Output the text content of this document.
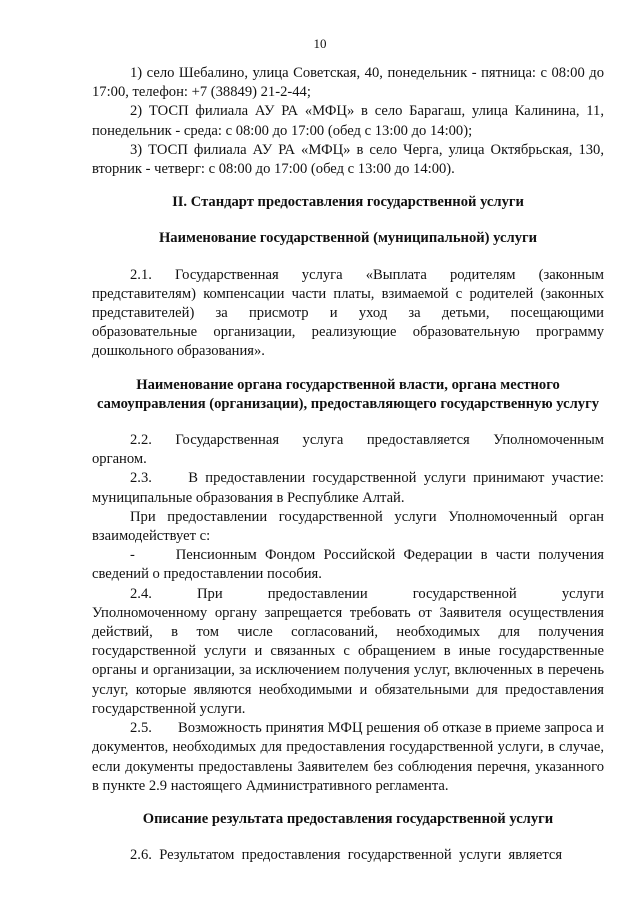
10

1) село Шебалино, улица Советская, 40, понедельник - пятница: с 08:00 до 17:00, телефон: +7 (38849) 21-2-44;

2) ТОСП филиала АУ РА «МФЦ» в село Барагаш, улица Калинина, 11, понедельник - среда: с 08:00 до 17:00 (обед с 13:00 до 14:00);

3) ТОСП филиала АУ РА «МФЦ» в село Черга, улица Октябрьская, 130, вторник - четверг: с 08:00 до 17:00 (обед с 13:00 до 14:00).

II. Стандарт предоставления государственной услуги

Наименование государственной (муниципальной) услуги

2.1.     Государственная     услуга     «Выплата     родителям     (законным представителям) компенсации части платы, взимаемой с родителей (законных представителей)    за    присмотр    и    уход    за    детьми,    посещающими образовательные организации, реализующие образовательную программу дошкольного образования».

Наименование органа государственной власти, органа местного самоуправления (организации), предоставляющего государственную услугу

2.2.     Государственная     услуга     предоставляется     Уполномоченным органом.

2.3.     В предоставлении государственной услуги принимают участие: муниципальные образования в Республике Алтай.

При предоставлении государственной услуги Уполномоченный орган взаимодействует с:

-     Пенсионным Фондом Российской Федерации в части получения сведений о предоставлении пособия.

2.4.       При       предоставлении       государственной       услуги Уполномоченному органу запрещается требовать от Заявителя осуществления действий, в том числе согласований, необходимых для получения государственной услуги и связанных с обращением в иные государственные органы и организации, за исключением получения услуг, включенных в перечень услуг, которые являются необходимыми и обязательными для предоставления государственной услуги.

2.5.       Возможность принятия МФЦ решения об отказе в приеме запроса и документов, необходимых для предоставления государственной услуги, в случае, если документы предоставлены Заявителем без соблюдения перечня, указанного в пункте 2.9 настоящего Административного регламента.

Описание результата предоставления государственной услуги

2.6.  Результатом  предоставления  государственной  услуги  является
